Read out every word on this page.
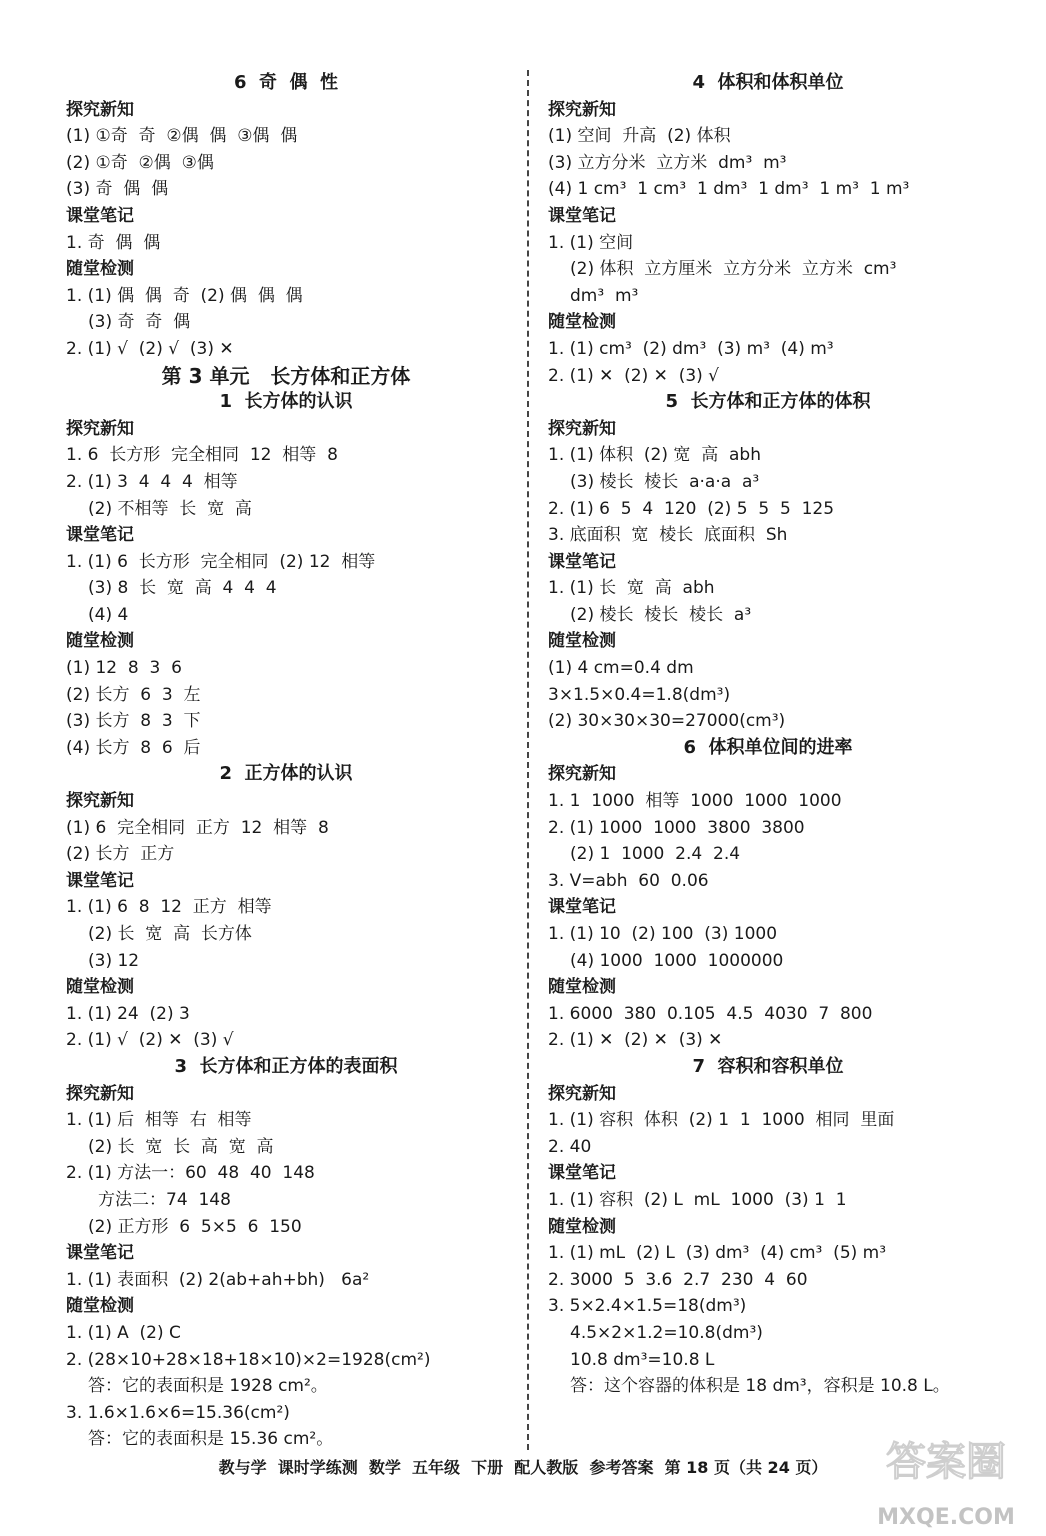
6  奇  偶  性
探究新知
(1) ①奇  奇  ②偶  偶  ③偶  偶
(2) ①奇  ②偶  ③偶
(3) 奇  偶  偶
课堂笔记
1. 奇  偶  偶
随堂检测
1. (1) 偶  偶  奇  (2) 偶  偶  偶
(3) 奇  奇  偶
2. (1) √  (2) √  (3) ✕
第 3 单元   长方体和正方体
1  长方体的认识
探究新知
1. 6  长方形  完全相同  12  相等  8
2. (1) 3  4  4  4  相等
(2) 不相等  长  宽  高
课堂笔记
1. (1) 6  长方形  完全相同  (2) 12  相等
(3) 8  长  宽  高  4  4  4
(4) 4
随堂检测
(1) 12  8  3  6
(2) 长方  6  3  左
(3) 长方  8  3  下
(4) 长方  8  6  后
2  正方体的认识
探究新知
(1) 6  完全相同  正方  12  相等  8
(2) 长方  正方
课堂笔记
1. (1) 6  8  12  正方  相等
(2) 长  宽  高  长方体
(3) 12
随堂检测
1. (1) 24  (2) 3
2. (1) √  (2) ✕  (3) √
3  长方体和正方体的表面积
探究新知
1. (1) 后  相等  右  相等
(2) 长  宽  长  高  宽  高
2. (1) 方法一：60  48  40  148
方法二：74  148
(2) 正方形  6  5×5  6  150
课堂笔记
1. (1) 表面积  (2) 2(ab+ah+bh)   6a²
随堂检测
1. (1) A  (2) C
2. (28×10+28×18+18×10)×2=1928(cm²)
答：它的表面积是 1928 cm²。
3. 1.6×1.6×6=15.36(cm²)
答：它的表面积是 15.36 cm²。
4  体积和体积单位
探究新知
(1) 空间  升高  (2) 体积
(3) 立方分米  立方米  dm³  m³
(4) 1 cm³  1 cm³  1 dm³  1 dm³  1 m³  1 m³
课堂笔记
1. (1) 空间
(2) 体积  立方厘米  立方分米  立方米  cm³
dm³  m³
随堂检测
1. (1) cm³  (2) dm³  (3) m³  (4) m³
2. (1) ✕  (2) ✕  (3) √
5  长方体和正方体的体积
探究新知
1. (1) 体积  (2) 宽  高  abh
(3) 棱长  棱长  a·a·a  a³
2. (1) 6  5  4  120  (2) 5  5  5  125
3. 底面积  宽  棱长  底面积  Sh
课堂笔记
1. (1) 长  宽  高  abh
(2) 棱长  棱长  棱长  a³
随堂检测
(1) 4 cm=0.4 dm
3×1.5×0.4=1.8(dm³)
(2) 30×30×30=27000(cm³)
6  体积单位间的进率
探究新知
1. 1  1000  相等  1000  1000  1000
2. (1) 1000  1000  3800  3800
(2) 1  1000  2.4  2.4
3. V=abh  60  0.06
课堂笔记
1. (1) 10  (2) 100  (3) 1000
(4) 1000  1000  1000000
随堂检测
1. 6000  380  0.105  4.5  4030  7  800
2. (1) ✕  (2) ✕  (3) ✕
7  容积和容积单位
探究新知
1. (1) 容积  体积  (2) 1  1  1000  相同  里面
2. 40
课堂笔记
1. (1) 容积  (2) L  mL  1000  (3) 1  1
随堂检测
1. (1) mL  (2) L  (3) dm³  (4) cm³  (5) m³
2. 3000  5  3.6  2.7  230  4  60
3. 5×2.4×1.5=18(dm³)
4.5×2×1.2=10.8(dm³)
10.8 dm³=10.8 L
答：这个容器的体积是 18 dm³，容积是 10.8 L。
教与学  课时学练测  数学  五年级  下册  配人教版  参考答案  第 18 页（共 24 页）	答案圈
MXQE.COM
